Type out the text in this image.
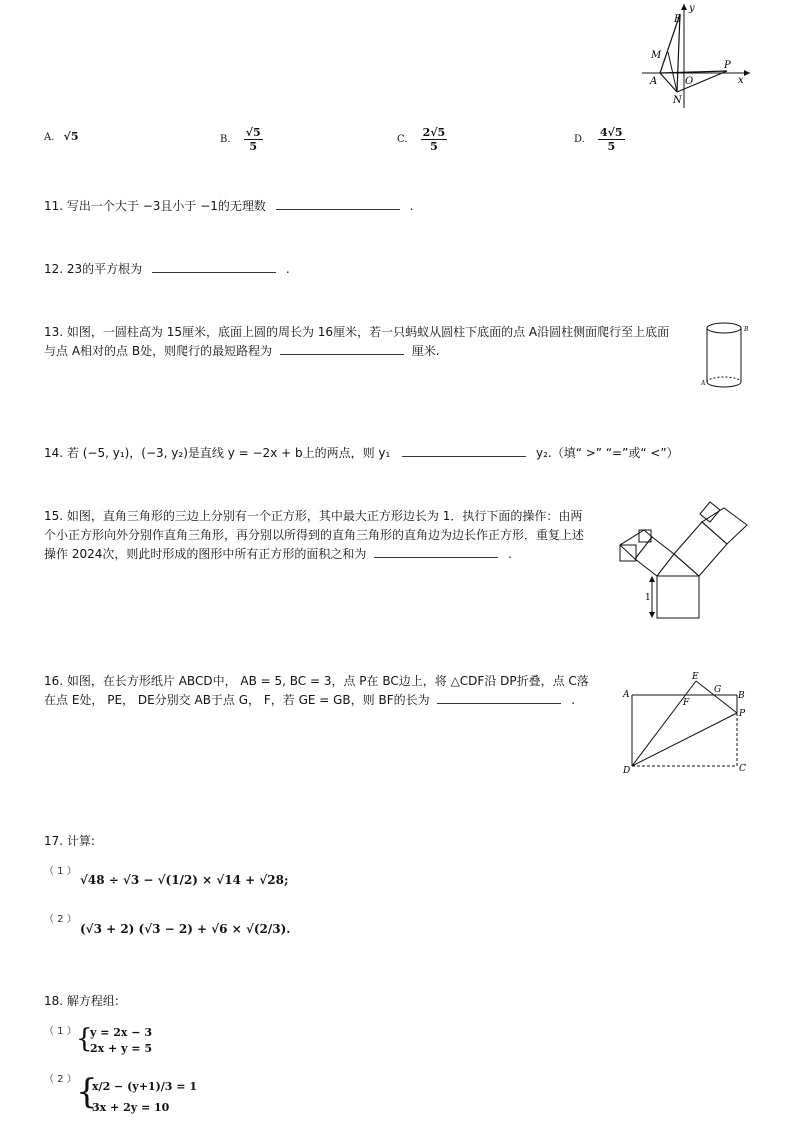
y
B
M
A	O
P
x
N
A. √5	B. $\frac{√5}{5}$	C. $\frac{2√5}{5}$	D. $\frac{4√5}{5}$
11. 写出一个大于 −3且小于 −1的无理数	.
12. 23的平方根为	.
13. 如图，一圆柱高为 15厘米，底面上圆的周长为 16厘米，若一只蚂蚁从圆柱下底面的点 A沿圆柱侧面爬行至上底面
与点 A相对的点 B处，则爬行的最短路程为	厘米.
B
A
14. 若 (−5, y₁)，(−3, y₂)是直线 y = −2x + b上的两点，则 y₁	y₂.（填“ >” “=”或“ <”）
15. 如图，直角三角形的三边上分别有一个正方形，其中最大正方形边长为 1．执行下面的操作：由两
个小正方形向外分别作直角三角形，再分别以所得到的直角三角形的直角边为边长作正方形．重复上述
操作 2024次，则此时形成的图形中所有正方形的面积之和为	.
1
16. 如图，在长方形纸片 ABCD中， AB = 5, BC = 3，点 P在 BC边上，将 △CDF沿 DP折叠，点 C落
在点 E处， PE， DE分别交 AB于点 G， F，若 GE = GB，则 BF的长为	.
E
A	G
B
F
P
D	C
17. 计算:
（ 1 ）
√48 ÷ √3 − √(1/2) × √14 + √28;
（ 2 ）
(√3 + 2) (√3 − 2) + √6 × √(2/3).
18. 解方程组:
（ 1 ） {
y = 2x − 3
2x + y = 5
（ 2 ） {
x/2 − (y+1)/3 = 1
3x + 2y = 10
